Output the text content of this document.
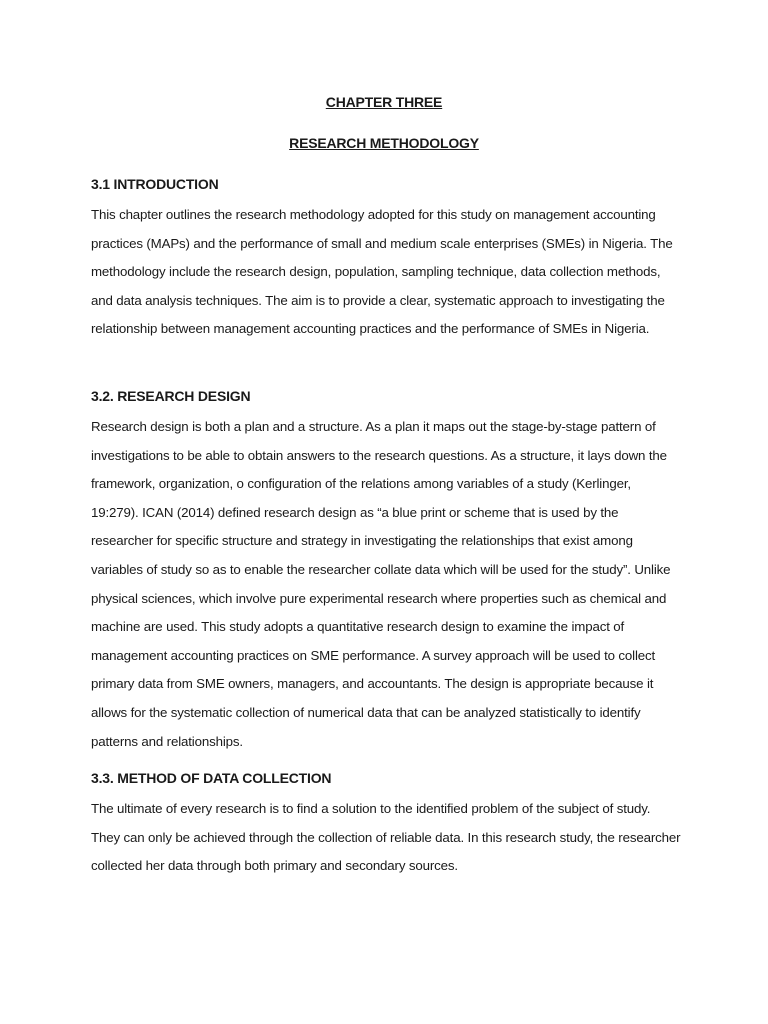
CHAPTER THREE
RESEARCH METHODOLOGY
3.1 INTRODUCTION

This chapter outlines the research methodology adopted for this study on management accounting practices (MAPs) and the performance of small and medium scale enterprises (SMEs) in Nigeria. The methodology include the research design, population, sampling technique, data collection methods, and data analysis techniques. The aim is to provide a clear, systematic approach to investigating the relationship between management accounting practices and the performance of SMEs in Nigeria.

3.2. RESEARCH DESIGN

Research design is both a plan and a structure. As a plan it maps out the stage-by-stage pattern of investigations to be able to obtain answers to the research questions. As a structure, it lays down the framework, organization, o configuration of the relations among variables of a study (Kerlinger, 19:279). ICAN (2014) defined research design as “a blue print or scheme that is used by the researcher for specific structure and strategy in investigating the relationships that exist among variables of study so as to enable the researcher collate data which will be used for the study”. Unlike physical sciences, which involve pure experimental research where properties such as chemical and machine are used. This study adopts a quantitative research design to examine the impact of management accounting practices on SME performance. A survey approach will be used to collect primary data from SME owners, managers, and accountants. The design is appropriate because it allows for the systematic collection of numerical data that can be analyzed statistically to identify patterns and relationships.

3.3. METHOD OF DATA COLLECTION

The ultimate of every research is to find a solution to the identified problem of the subject of study. They can only be achieved through the collection of reliable data. In this research study, the researcher collected her data through both primary and secondary sources.
